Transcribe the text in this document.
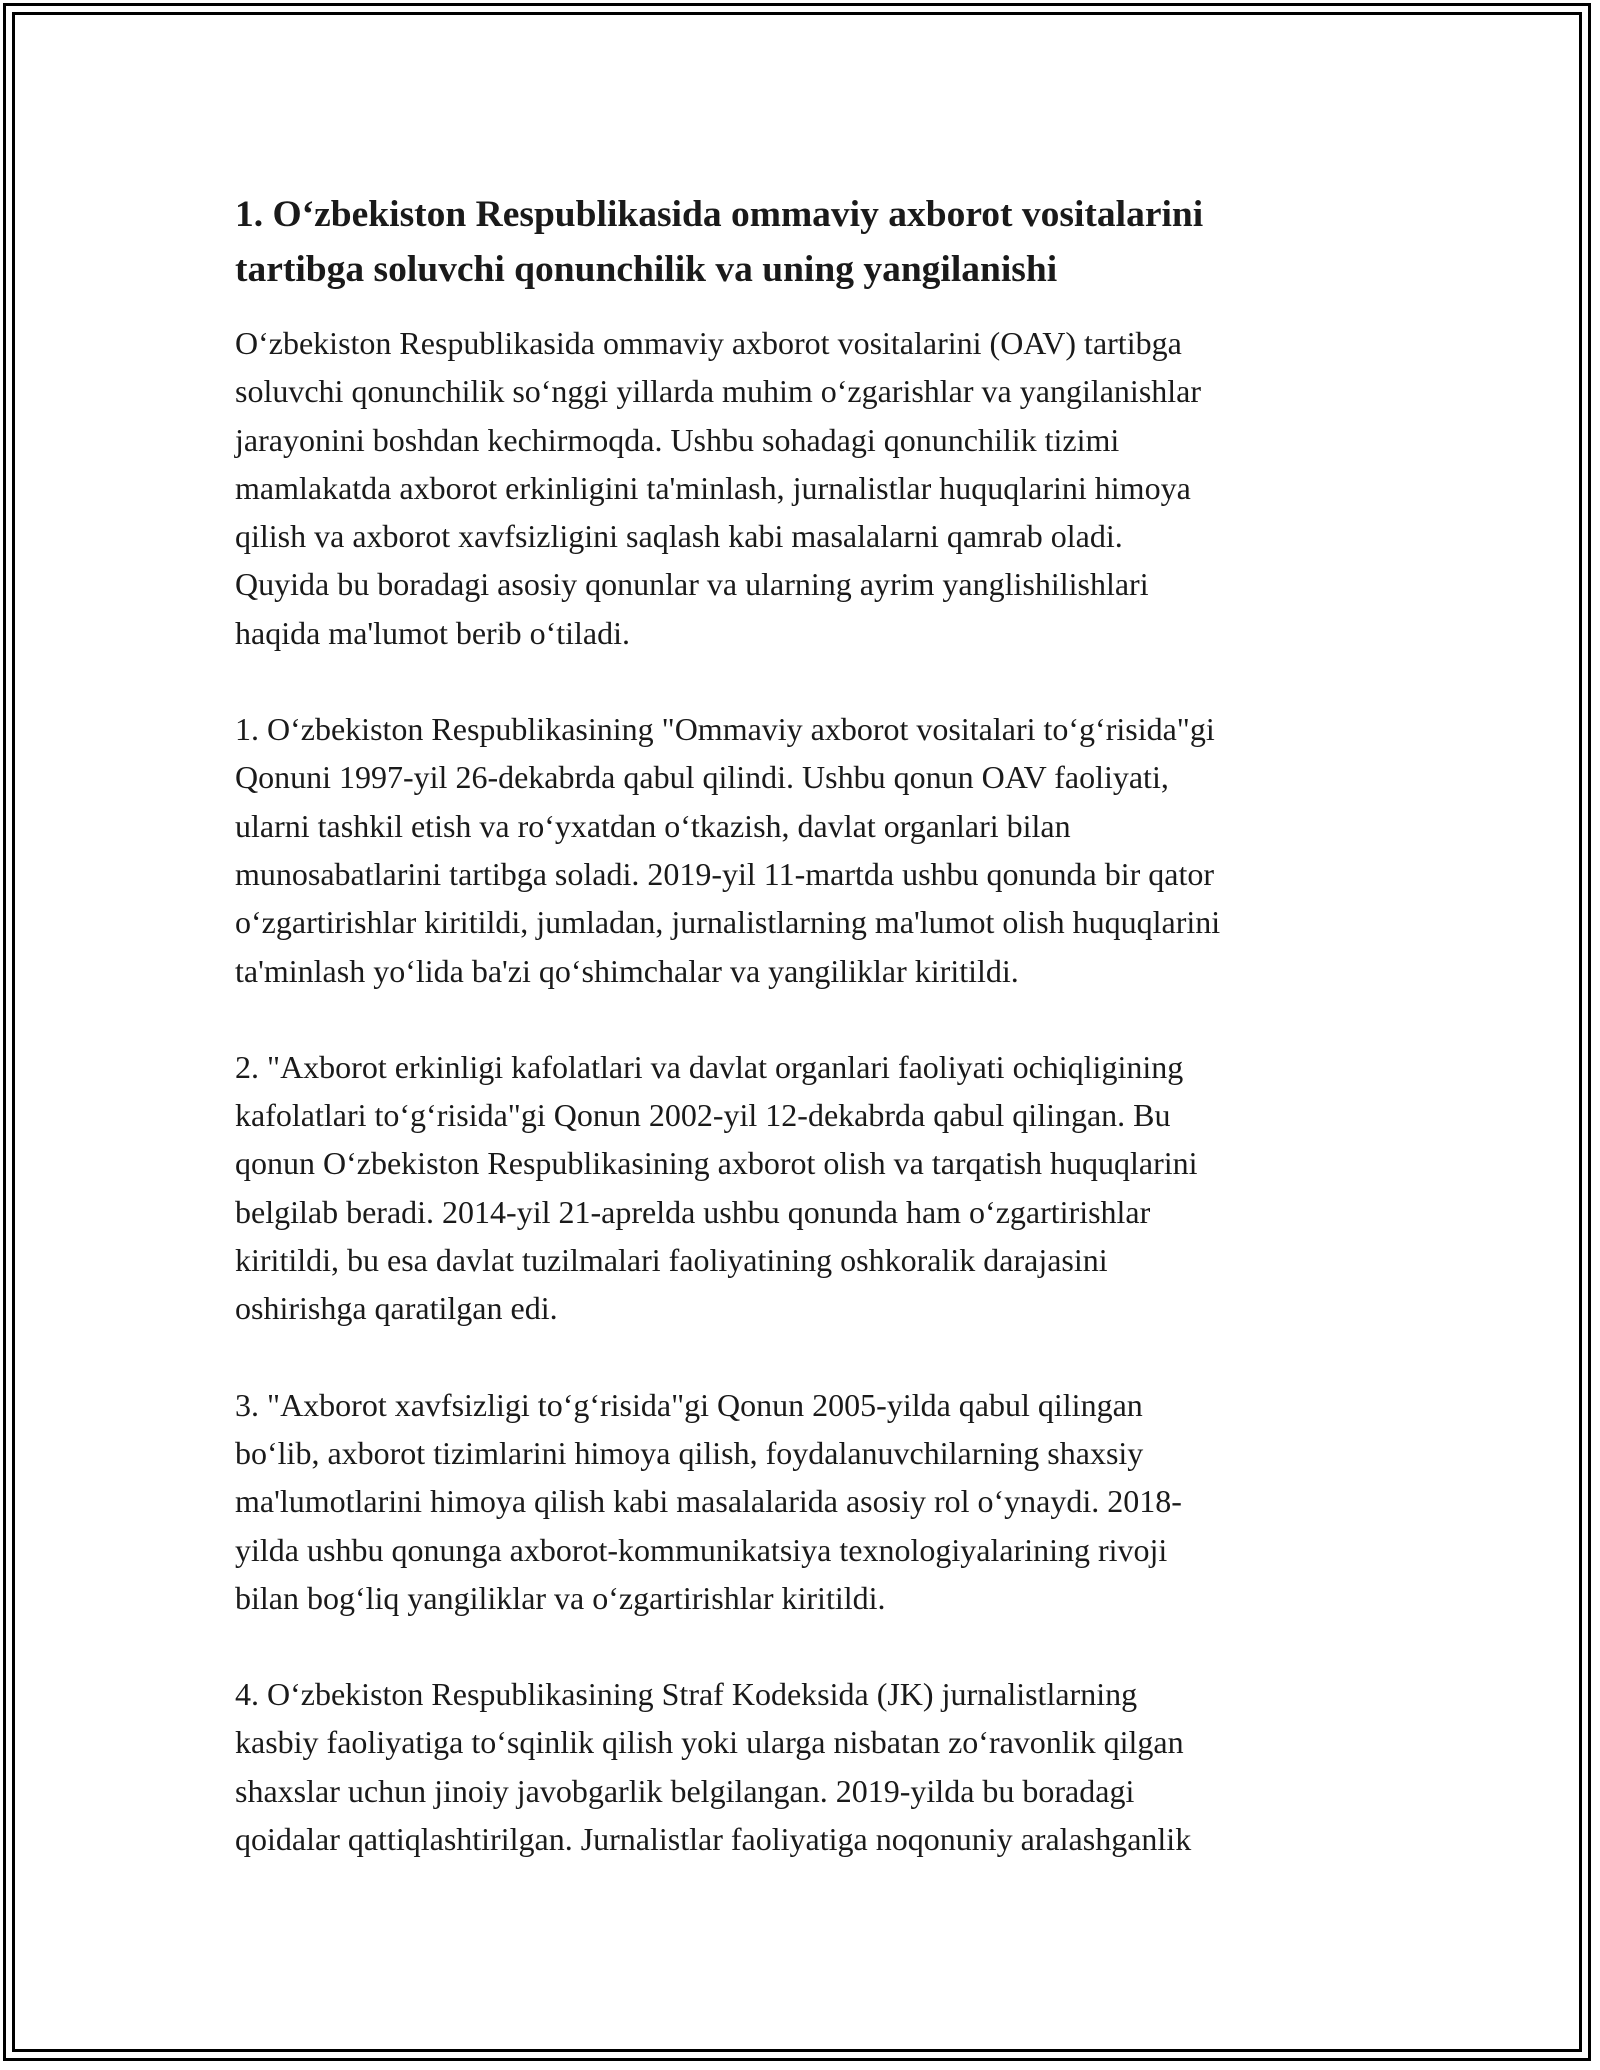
1. O‘zbekiston Respublikasida ommaviy axborot vositalarini
tartibga soluvchi qonunchilik va uning yangilanishi
O‘zbekiston Respublikasida ommaviy axborot vositalarini (OAV) tartibga
soluvchi qonunchilik so‘nggi yillarda muhim o‘zgarishlar va yangilanishlar
jarayonini boshdan kechirmoqda. Ushbu sohadagi qonunchilik tizimi
mamlakatda axborot erkinligini ta'minlash, jurnalistlar huquqlarini himoya
qilish va axborot xavfsizligini saqlash kabi masalalarni qamrab oladi.
Quyida bu boradagi asosiy qonunlar va ularning ayrim yanglishilishlari
haqida ma'lumot berib o‘tiladi.
1. O‘zbekiston Respublikasining "Ommaviy axborot vositalari to‘g‘risida"gi
Qonuni 1997-yil 26-dekabrda qabul qilindi. Ushbu qonun OAV faoliyati,
ularni tashkil etish va ro‘yxatdan o‘tkazish, davlat organlari bilan
munosabatlarini tartibga soladi. 2019-yil 11-martda ushbu qonunda bir qator
o‘zgartirishlar kiritildi, jumladan, jurnalistlarning ma'lumot olish huquqlarini
ta'minlash yo‘lida ba'zi qo‘shimchalar va yangiliklar kiritildi.
2. "Axborot erkinligi kafolatlari va davlat organlari faoliyati ochiqligining
kafolatlari to‘g‘risida"gi Qonun 2002-yil 12-dekabrda qabul qilingan. Bu
qonun O‘zbekiston Respublikasining axborot olish va tarqatish huquqlarini
belgilab beradi. 2014-yil 21-aprelda ushbu qonunda ham o‘zgartirishlar
kiritildi, bu esa davlat tuzilmalari faoliyatining oshkoralik darajasini
oshirishga qaratilgan edi.
3. "Axborot xavfsizligi to‘g‘risida"gi Qonun 2005-yilda qabul qilingan
bo‘lib, axborot tizimlarini himoya qilish, foydalanuvchilarning shaxsiy
ma'lumotlarini himoya qilish kabi masalalarida asosiy rol o‘ynaydi. 2018-
yilda ushbu qonunga axborot-kommunikatsiya texnologiyalarining rivoji
bilan bog‘liq yangiliklar va o‘zgartirishlar kiritildi.
4. O‘zbekiston Respublikasining Straf Kodeksida (JK) jurnalistlarning
kasbiy faoliyatiga to‘sqinlik qilish yoki ularga nisbatan zo‘ravonlik qilgan
shaxslar uchun jinoiy javobgarlik belgilangan. 2019-yilda bu boradagi
qoidalar qattiqlashtirilgan. Jurnalistlar faoliyatiga noqonuniy aralashganlik
